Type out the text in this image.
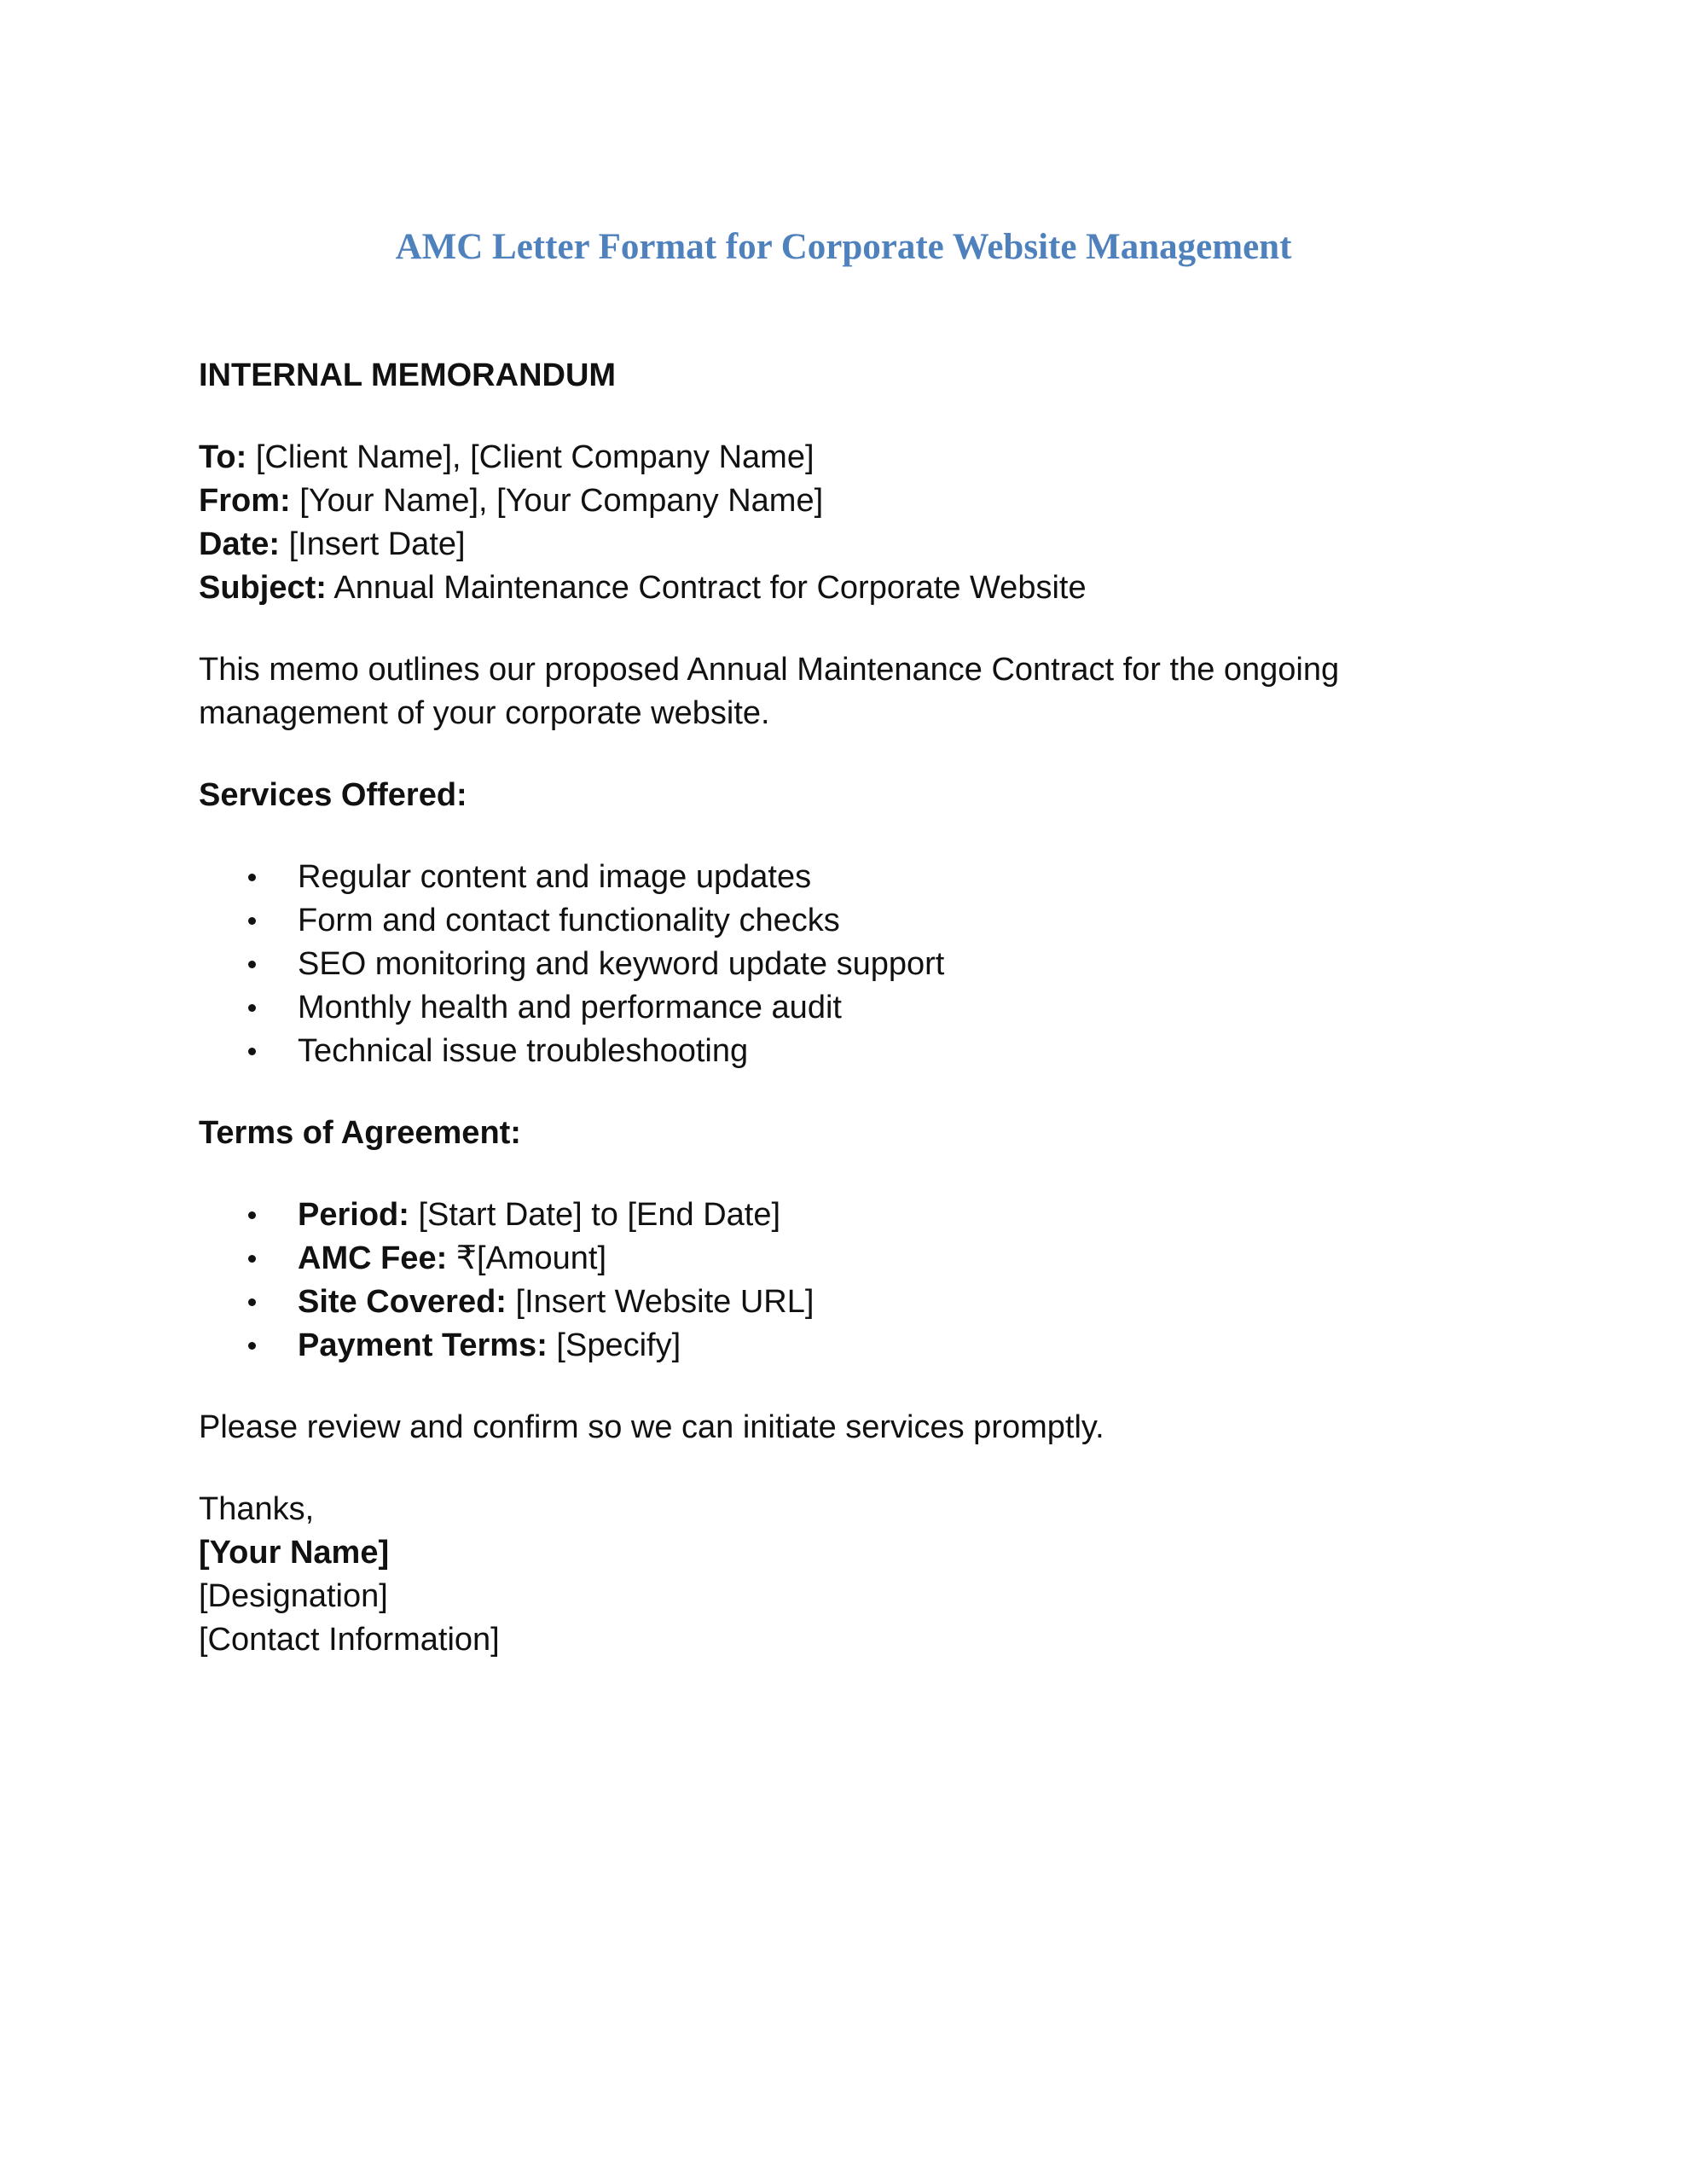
AMC Letter Format for Corporate Website Management

INTERNAL MEMORANDUM

To: [Client Name], [Client Company Name]

From: [Your Name], [Your Company Name]

Date: [Insert Date]

Subject: Annual Maintenance Contract for Corporate Website

This memo outlines our proposed Annual Maintenance Contract for the ongoing

management of your corporate website.

Services Offered:

Regular content and image updates
Form and contact functionality checks
SEO monitoring and keyword update support
Monthly health and performance audit
Technical issue troubleshooting

Terms of Agreement:

Period: [Start Date] to [End Date]
AMC Fee: ₹[Amount]
Site Covered: [Insert Website URL]
Payment Terms: [Specify]

Please review and confirm so we can initiate services promptly.

Thanks,

[Your Name]

[Designation]

[Contact Information]
